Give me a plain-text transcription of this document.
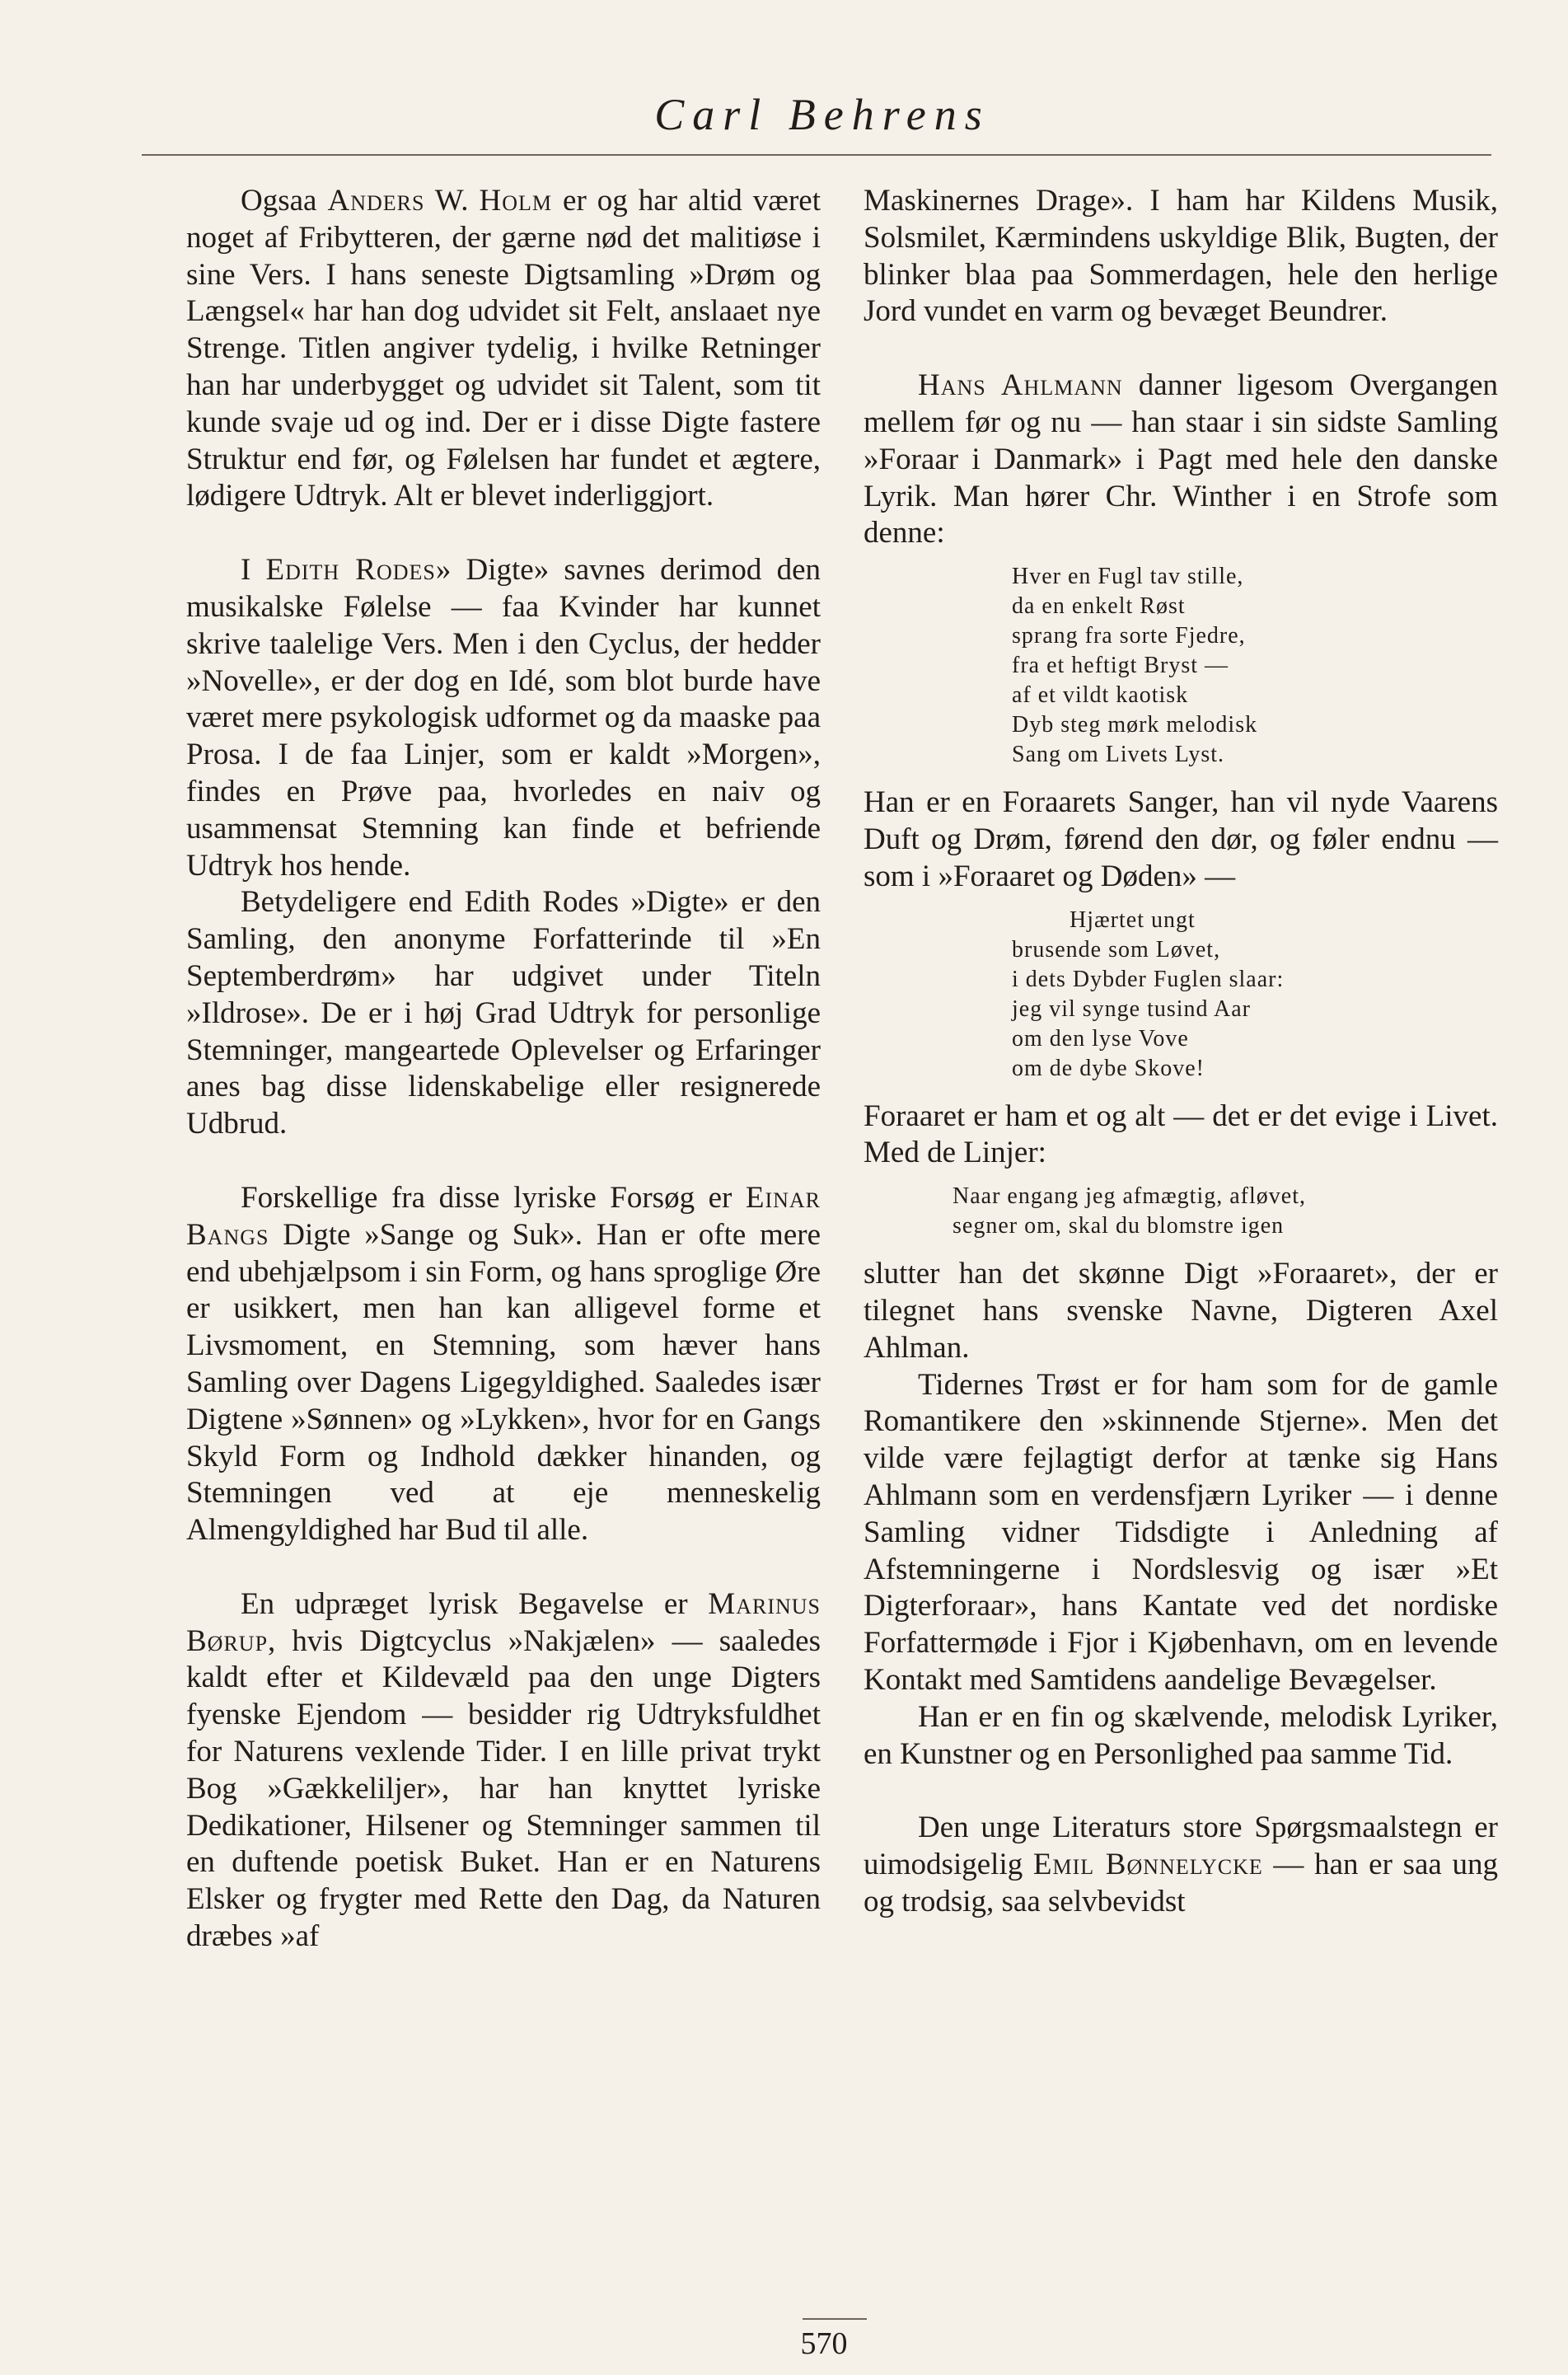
Carl Behrens

Ogsaa Anders W. Holm er og har altid været noget af Fribytteren, der gærne nød det malitiøse i sine Vers. I hans seneste Digtsamling »Drøm og Længsel« har han dog udvidet sit Felt, anslaaet nye Strenge. Titlen angiver tydelig, i hvilke Retninger han har underbygget og udvidet sit Talent, som tit kunde svaje ud og ind. Der er i disse Digte fastere Struktur end før, og Følelsen har fundet et ægtere, lødigere Udtryk. Alt er blevet inderliggjort.

I Edith Rodes» Digte» savnes derimod den musikalske Følelse — faa Kvinder har kunnet skrive taalelige Vers. Men i den Cyclus, der hedder »Novelle», er der dog en Idé, som blot burde have været mere psykologisk udformet og da maaske paa Prosa. I de faa Linjer, som er kaldt »Morgen», findes en Prøve paa, hvorledes en naiv og usammensat Stemning kan finde et befriende Udtryk hos hende.

Betydeligere end Edith Rodes »Digte» er den Samling, den anonyme Forfatterinde til »En Septemberdrøm» har udgivet under Titeln »Ildrose». De er i høj Grad Udtryk for personlige Stemninger, mangeartede Oplevelser og Erfaringer anes bag disse lidenskabelige eller resignerede Udbrud.

Forskellige fra disse lyriske Forsøg er Einar Bangs Digte »Sange og Suk». Han er ofte mere end ubehjælpsom i sin Form, og hans sproglige Øre er usikkert, men han kan alligevel forme et Livsmoment, en Stemning, som hæver hans Samling over Dagens Ligegyldighed. Saaledes især Digtene »Sønnen» og »Lykken», hvor for en Gangs Skyld Form og Indhold dækker hinanden, og Stemningen ved at eje menneskelig Almengyldighed har Bud til alle.

En udpræget lyrisk Begavelse er Marinus Børup, hvis Digtcyclus »Nakjælen» — saaledes kaldt efter et Kildevæld paa den unge Digters fyenske Ejendom — besidder rig Udtryksfuldhet for Naturens vexlende Tider. I en lille privat trykt Bog »Gækkeliljer», har han knyttet lyriske Dedikationer, Hilsener og Stemninger sammen til en duftende poetisk Buket. Han er en Naturens Elsker og frygter med Rette den Dag, da Naturen dræbes »af

Maskinernes Drage». I ham har Kildens Musik, Solsmilet, Kærmindens uskyldige Blik, Bugten, der blinker blaa paa Sommerdagen, hele den herlige Jord vundet en varm og bevæget Beundrer.

Hans Ahlmann danner ligesom Overgangen mellem før og nu — han staar i sin sidste Samling »Foraar i Danmark» i Pagt med hele den danske Lyrik. Man hører Chr. Winther i en Strofe som denne:

Hver en Fugl tav stille,
da en enkelt Røst
sprang fra sorte Fjedre,
fra et heftigt Bryst —
af et vildt kaotisk
Dyb steg mørk melodisk
Sang om Livets Lyst.

Han er en Foraarets Sanger, han vil nyde Vaarens Duft og Drøm, førend den dør, og føler endnu — som i »Foraaret og Døden» —

Hjærtet ungt
brusende som Løvet,
i dets Dybder Fuglen slaar:
jeg vil synge tusind Aar
om den lyse Vove
om de dybe Skove!

Foraaret er ham et og alt — det er det evige i Livet. Med de Linjer:

Naar engang jeg afmægtig, afløvet,
segner om, skal du blomstre igen

slutter han det skønne Digt »Foraaret», der er tilegnet hans svenske Navne, Digteren Axel Ahlman.

Tidernes Trøst er for ham som for de gamle Romantikere den »skinnende Stjerne». Men det vilde være fejlagtigt derfor at tænke sig Hans Ahlmann som en verdensfjærn Lyriker — i denne Samling vidner Tidsdigte i Anledning af Afstemningerne i Nordslesvig og især »Et Digterforaar», hans Kantate ved det nordiske Forfattermøde i Fjor i Kjøbenhavn, om en levende Kontakt med Samtidens aandelige Bevægelser.

Han er en fin og skælvende, melodisk Lyriker, en Kunstner og en Personlighed paa samme Tid.

Den unge Literaturs store Spørgsmaalstegn er uimodsigelig Emil Bønnelycke — han er saa ung og trodsig, saa selvbevidst

570
